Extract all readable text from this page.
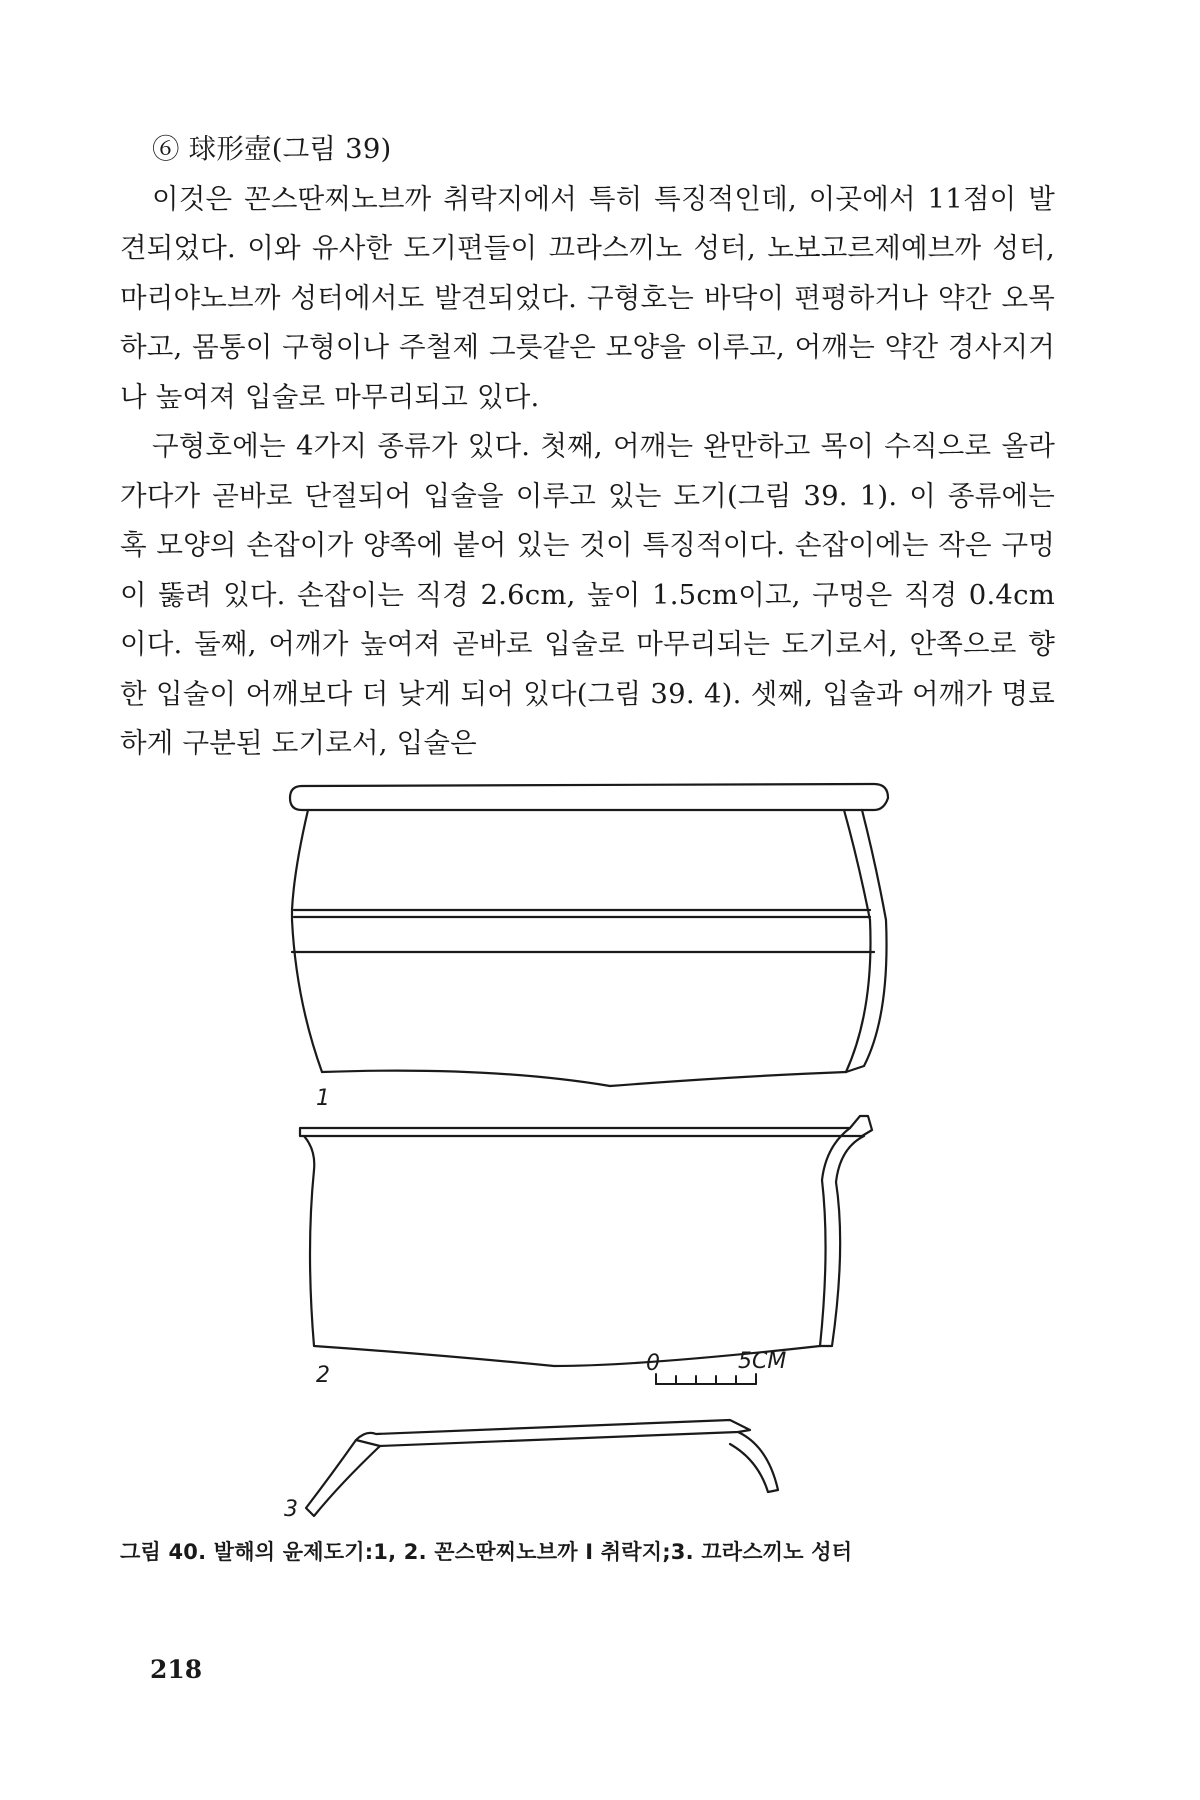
⑥ 球形壺(그림 39)

이것은 꼰스딴찌노브까 취락지에서 특히 특징적인데, 이곳에서 11점이 발견되었다. 이와 유사한 도기편들이 끄라스끼노 성터, 노보고르제예브까 성터, 마리야노브까 성터에서도 발견되었다. 구형호는 바닥이 편평하거나 약간 오목하고, 몸통이 구형이나 주철제 그릇같은 모양을 이루고, 어깨는 약간 경사지거나 높여져 입술로 마무리되고 있다.

구형호에는 4가지 종류가 있다. 첫째, 어깨는 완만하고 목이 수직으로 올라가다가 곧바로 단절되어 입술을 이루고 있는 도기(그림 39. 1). 이 종류에는 혹 모양의 손잡이가 양쪽에 붙어 있는 것이 특징적이다. 손잡이에는 작은 구멍이 뚫려 있다. 손잡이는 직경 2.6cm, 높이 1.5cm이고, 구멍은 직경 0.4cm이다. 둘째, 어깨가 높여져 곧바로 입술로 마무리되는 도기로서, 안쪽으로 향한 입술이 어깨보다 더 낮게 되어 있다(그림 39. 4). 셋째, 입술과 어깨가 명료하게 구분된 도기로서, 입술은

1
2
3
0	5CM
그림 40. 발해의 윤제도기:1, 2. 꼰스딴찌노브까 I 취락지;3. 끄라스끼노 성터
218
